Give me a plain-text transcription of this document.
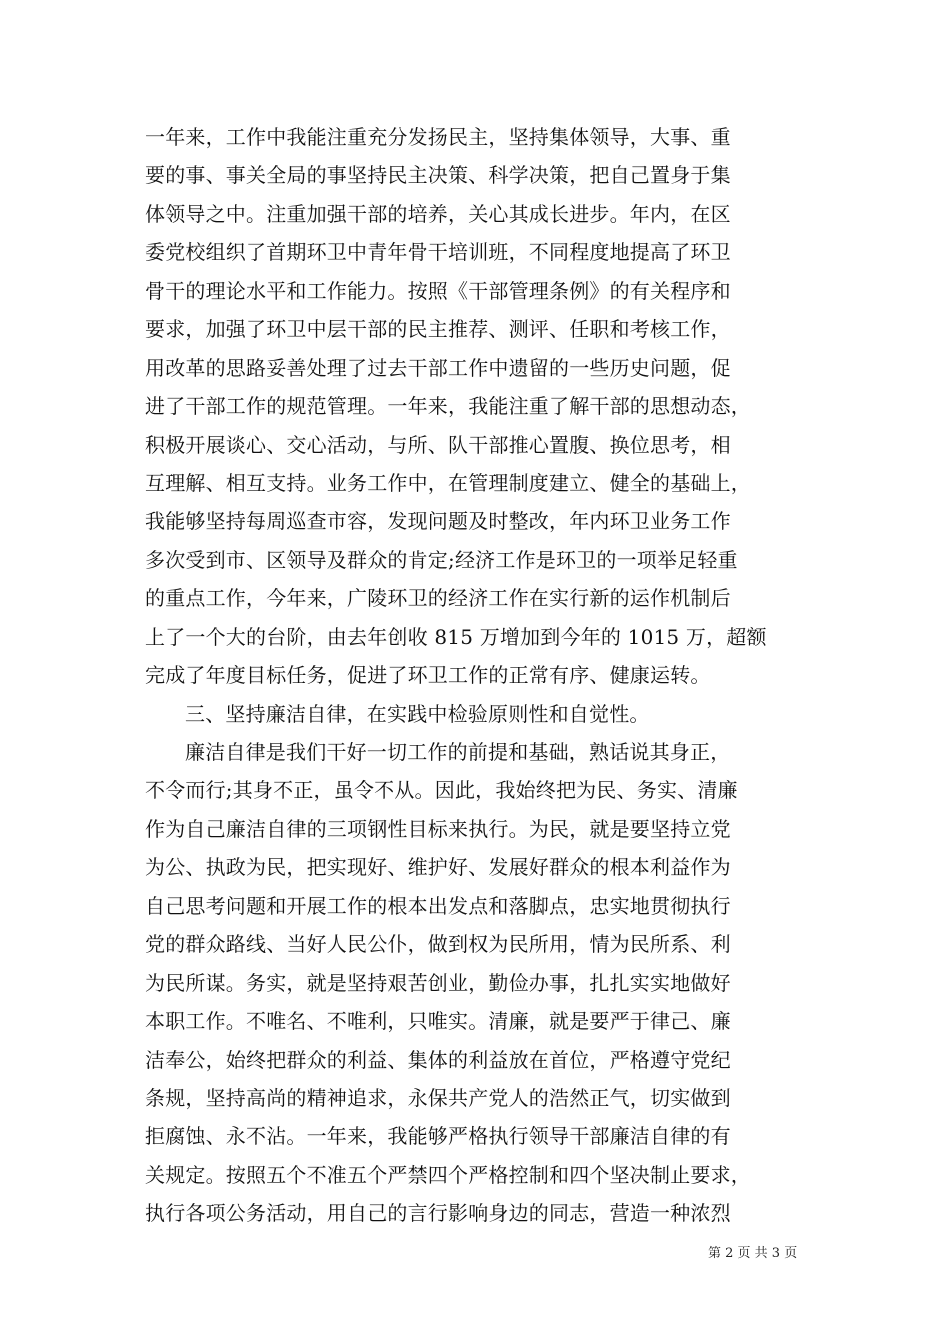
一年来，工作中我能注重充分发扬民主，坚持集体领导，大事、重
要的事、事关全局的事坚持民主决策、科学决策，把自己置身于集
体领导之中。注重加强干部的培养，关心其成长进步。年内，在区
委党校组织了首期环卫中青年骨干培训班，不同程度地提高了环卫
骨干的理论水平和工作能力。按照《干部管理条例》的有关程序和
要求，加强了环卫中层干部的民主推荐、测评、任职和考核工作，
用改革的思路妥善处理了过去干部工作中遗留的一些历史问题，促
进了干部工作的规范管理。一年来，我能注重了解干部的思想动态，
积极开展谈心、交心活动，与所、队干部推心置腹、换位思考，相
互理解、相互支持。业务工作中，在管理制度建立、健全的基础上，
我能够坚持每周巡查市容，发现问题及时整改，年内环卫业务工作
多次受到市、区领导及群众的肯定;经济工作是环卫的一项举足轻重
的重点工作，今年来，广陵环卫的经济工作在实行新的运作机制后
上了一个大的台阶，由去年创收 815 万增加到今年的 1015 万，超额
完成了年度目标任务，促进了环卫工作的正常有序、健康运转。
三、坚持廉洁自律，在实践中检验原则性和自觉性。
廉洁自律是我们干好一切工作的前提和基础，熟话说其身正，
不令而行;其身不正，虽令不从。因此，我始终把为民、务实、清廉
作为自己廉洁自律的三项钢性目标来执行。为民，就是要坚持立党
为公、执政为民，把实现好、维护好、发展好群众的根本利益作为
自己思考问题和开展工作的根本出发点和落脚点，忠实地贯彻执行
党的群众路线、当好人民公仆，做到权为民所用，情为民所系、利
为民所谋。务实，就是坚持艰苦创业，勤俭办事，扎扎实实地做好
本职工作。不唯名、不唯利，只唯实。清廉，就是要严于律己、廉
洁奉公，始终把群众的利益、集体的利益放在首位，严格遵守党纪
条规，坚持高尚的精神追求，永保共产党人的浩然正气，切实做到
拒腐蚀、永不沾。一年来，我能够严格执行领导干部廉洁自律的有
关规定。按照五个不准五个严禁四个严格控制和四个坚决制止要求，
执行各项公务活动，用自己的言行影响身边的同志，营造一种浓烈
第 2 页 共 3 页
